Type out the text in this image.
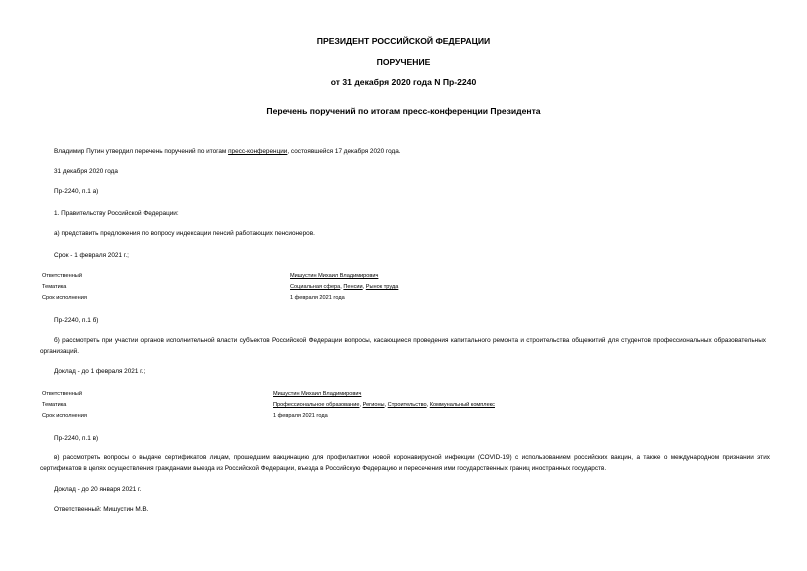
ПРЕЗИДЕНТ РОССИЙСКОЙ ФЕДЕРАЦИИ
ПОРУЧЕНИЕ
от 31 декабря 2020 года N Пр-2240
Перечень поручений по итогам пресс-конференции Президента
Владимир Путин утвердил перечень поручений по итогам пресс-конференции, состоявшейся 17 декабря 2020 года.
31 декабря 2020 года
Пр-2240, п.1 а)
1. Правительству Российской Федерации:
а) представить предложения по вопросу индексации пенсий работающих пенсионеров.
Срок - 1 февраля 2021 г.;
Ответственный	Мишустин Михаил Владимирович
Тематика	Социальная сфера, Пенсии, Рынок труда
Срок исполнения	1 февраля 2021 года
Пр-2240, п.1 б)
б) рассмотреть при участии органов исполнительной власти субъектов Российской Федерации вопросы, касающиеся проведения капитального ремонта и строительства общежитий для студентов профессиональных образовательных организаций.
Доклад - до 1 февраля 2021 г.;
Ответственный	Мишустин Михаил Владимирович
Тематика	Профессиональное образование, Регионы, Строительство, Коммунальный комплекс
Срок исполнения	1 февраля 2021 года
Пр-2240, п.1 в)
в) рассмотреть вопросы о выдаче сертификатов лицам, прошедшим вакцинацию для профилактики новой коронавирусной инфекции (COVID-19) с использованием российских вакцин, а также о международном признании этих сертификатов в целях осуществления гражданами выезда из Российской Федерации, въезда в Российскую Федерацию и пересечения ими государственных границ иностранных государств.
Доклад - до 20 января 2021 г.
Ответственный: Мишустин М.В.
